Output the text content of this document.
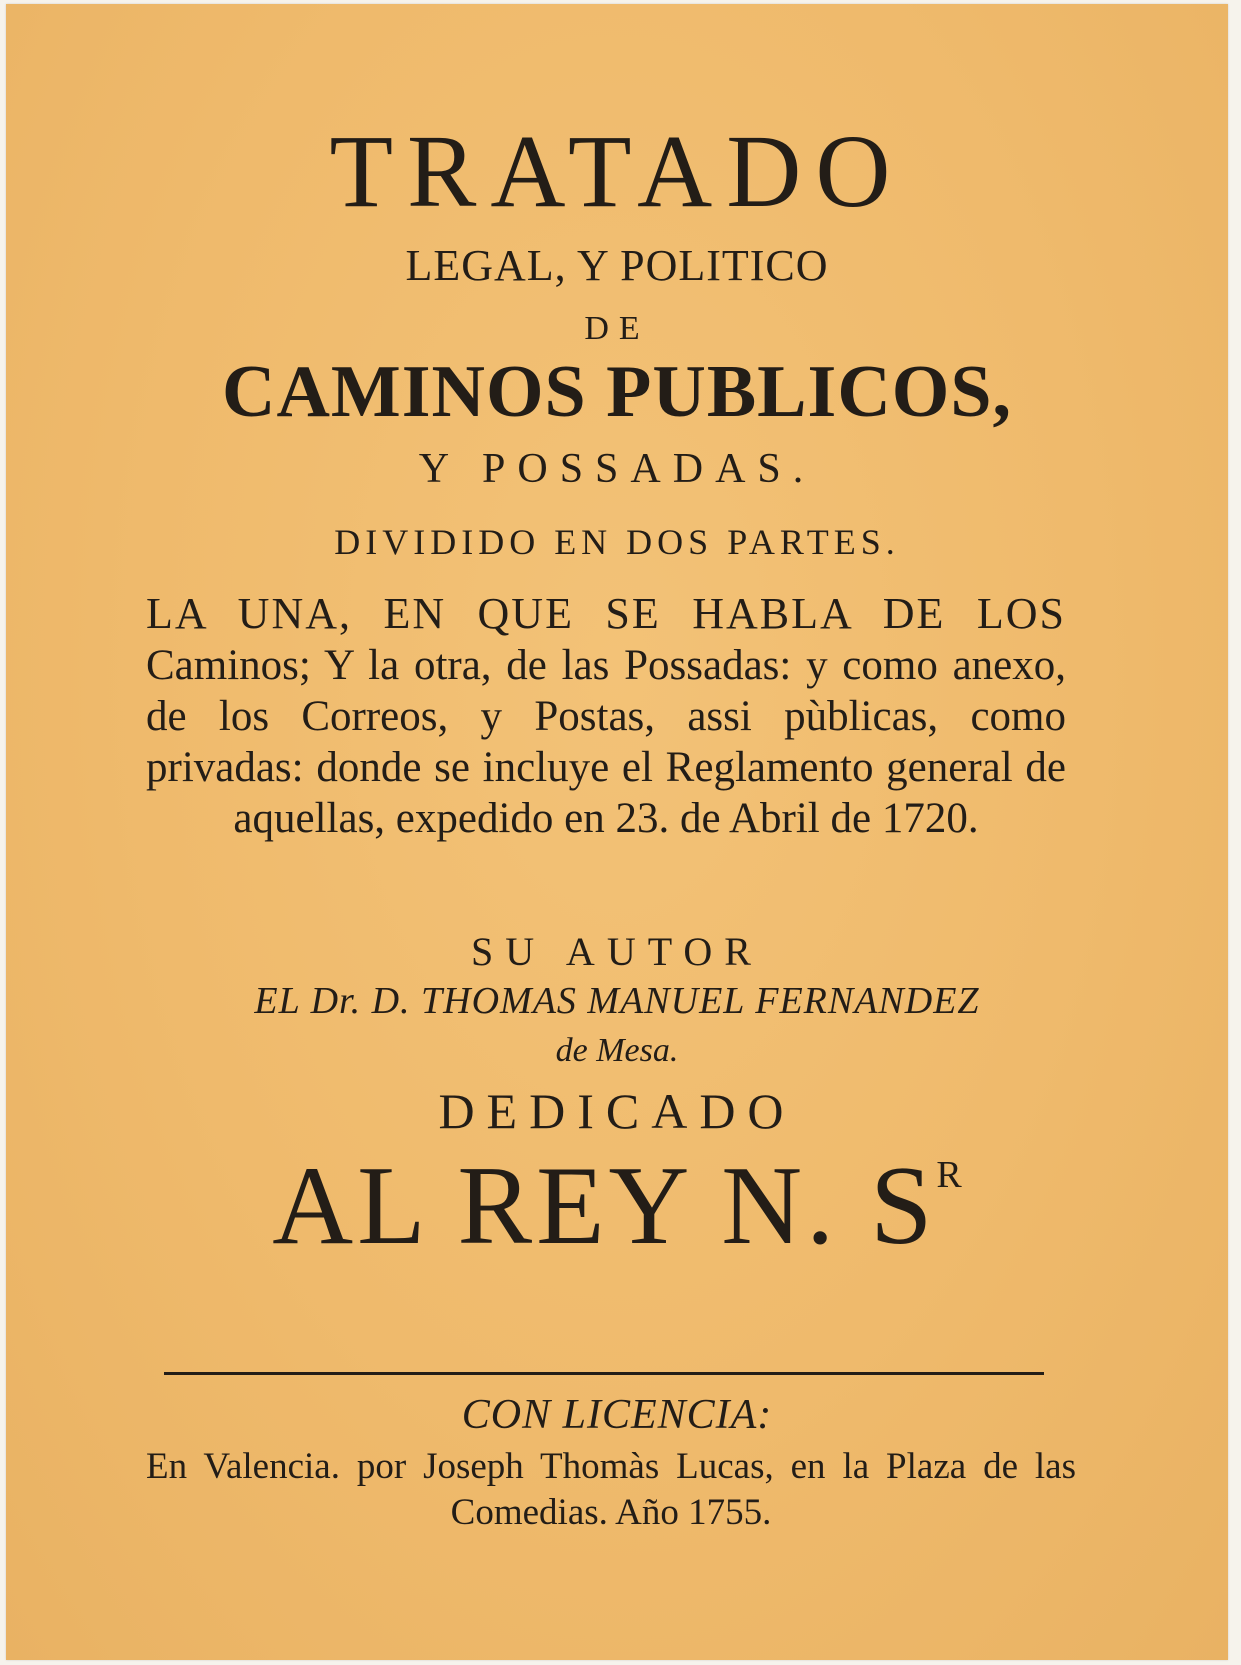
TRATADO
LEGAL, Y POLITICO
DE
CAMINOS PUBLICOS,
Y POSSADAS.
DIVIDIDO EN DOS PARTES.
LA UNA, EN QUE SE HABLA DE LOS Caminos; Y la otra, de las Possadas: y como anexo, de los Correos, y Postas, assi pùblicas, como privadas: donde se incluye el Reglamento general de aquellas, expedido en 23. de Abril de 1720.
SU AUTOR
EL Dr. D. THOMAS MANUEL FERNANDEZ
de Mesa.
DEDICADO
AL REY N. $S^R$
CON LICENCIA:
En Valencia. por Joseph Thomàs Lucas, en la Plaza de las Comedias. Año 1755.
